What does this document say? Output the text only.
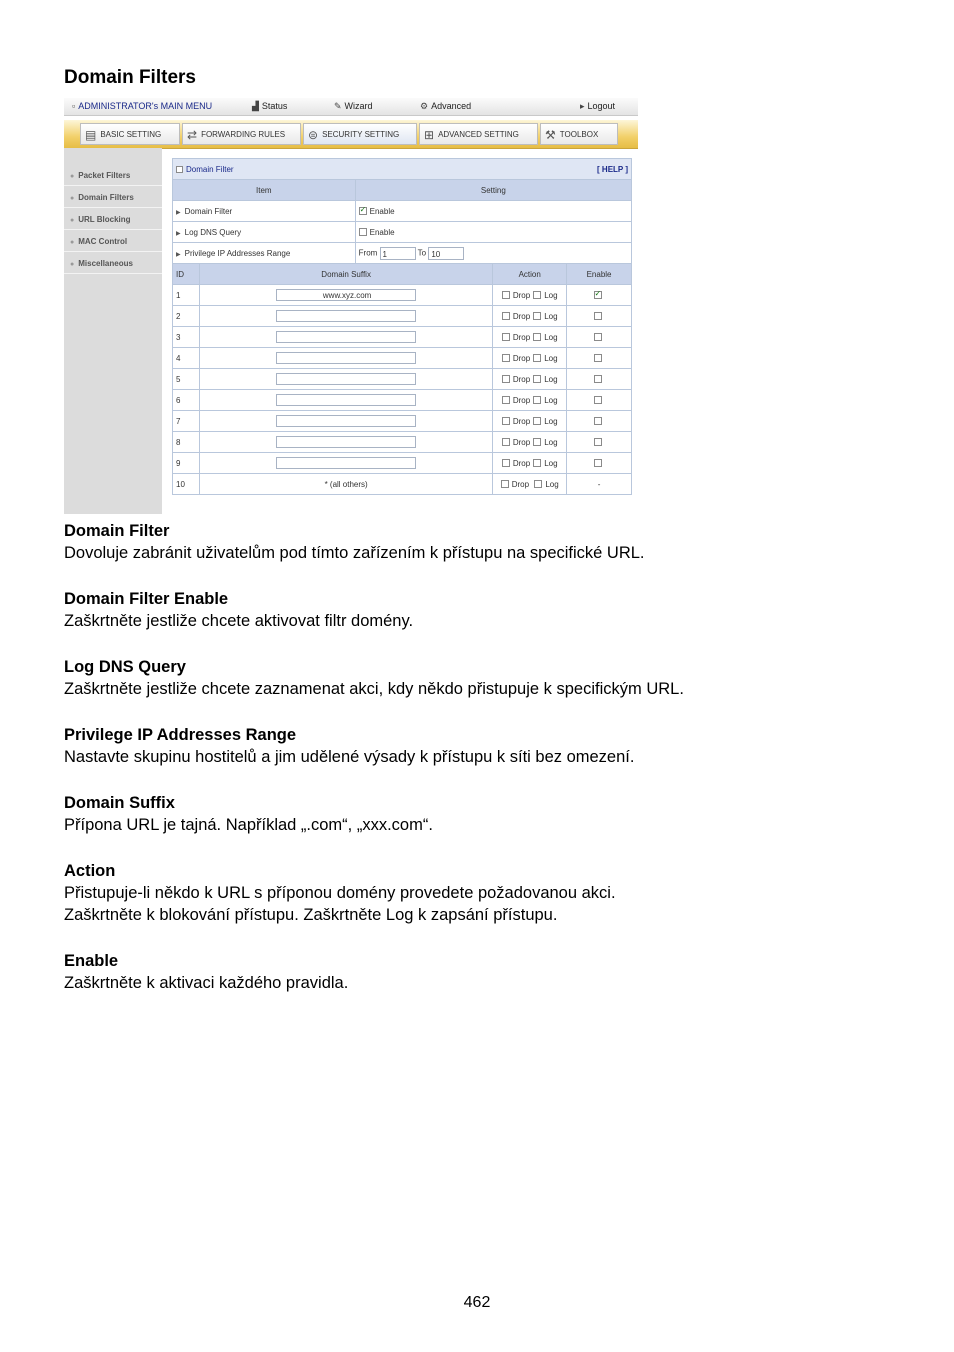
Domain Filters
▫ ADMINISTRATOR's MAIN MENU	▟ Status	✎ Wizard	⚙ Advanced	▸ Logout
▤ BASIC SETTING	⇄ FORWARDING RULES	⊜ SECURITY SETTING	⊞ ADVANCED SETTING	⚒ TOOLBOX
● Packet Filters
● Domain Filters
● URL Blocking
● MAC Control
● Miscellaneous
Domain Filter [ HELP ]				

Item		Setting		
▶ Domain Filter	✓Enable
▶ Log DNS Query		Enable		
▶ Privilege IP Addresses Range		From 1 To 10		
ID	Domain Suffix		Action	Enable
1	www.xyz.com		Drop Log	✓
2			Drop Log	
3			Drop Log	
4			Drop Log	
5			Drop Log	
6			Drop Log	
7			Drop Log	
8			Drop Log	
9			Drop Log	
10	* (all others)		Drop Log	-
Domain Filter
Dovoluje zabránit uživatelům pod tímto zařízením k přístupu na specifické URL.
Domain Filter Enable
Zaškrtněte jestliže chcete aktivovat filtr domény.
Log DNS Query
Zaškrtněte jestliže chcete zaznamenat akci, kdy někdo přistupuje k specifickým URL.
Privilege IP Addresses Range
Nastavte skupinu hostitelů a jim udělené výsady k přístupu k síti bez omezení.
Domain Suffix
Přípona URL je tajná. Například „.com“, „xxx.com“.
Action
Přistupuje-li někdo k URL s příponou domény provedete požadovanou akci.
Zaškrtněte k blokování přístupu. Zaškrtněte Log k zapsání přístupu.
Enable
Zaškrtněte k aktivaci každého pravidla.
462
